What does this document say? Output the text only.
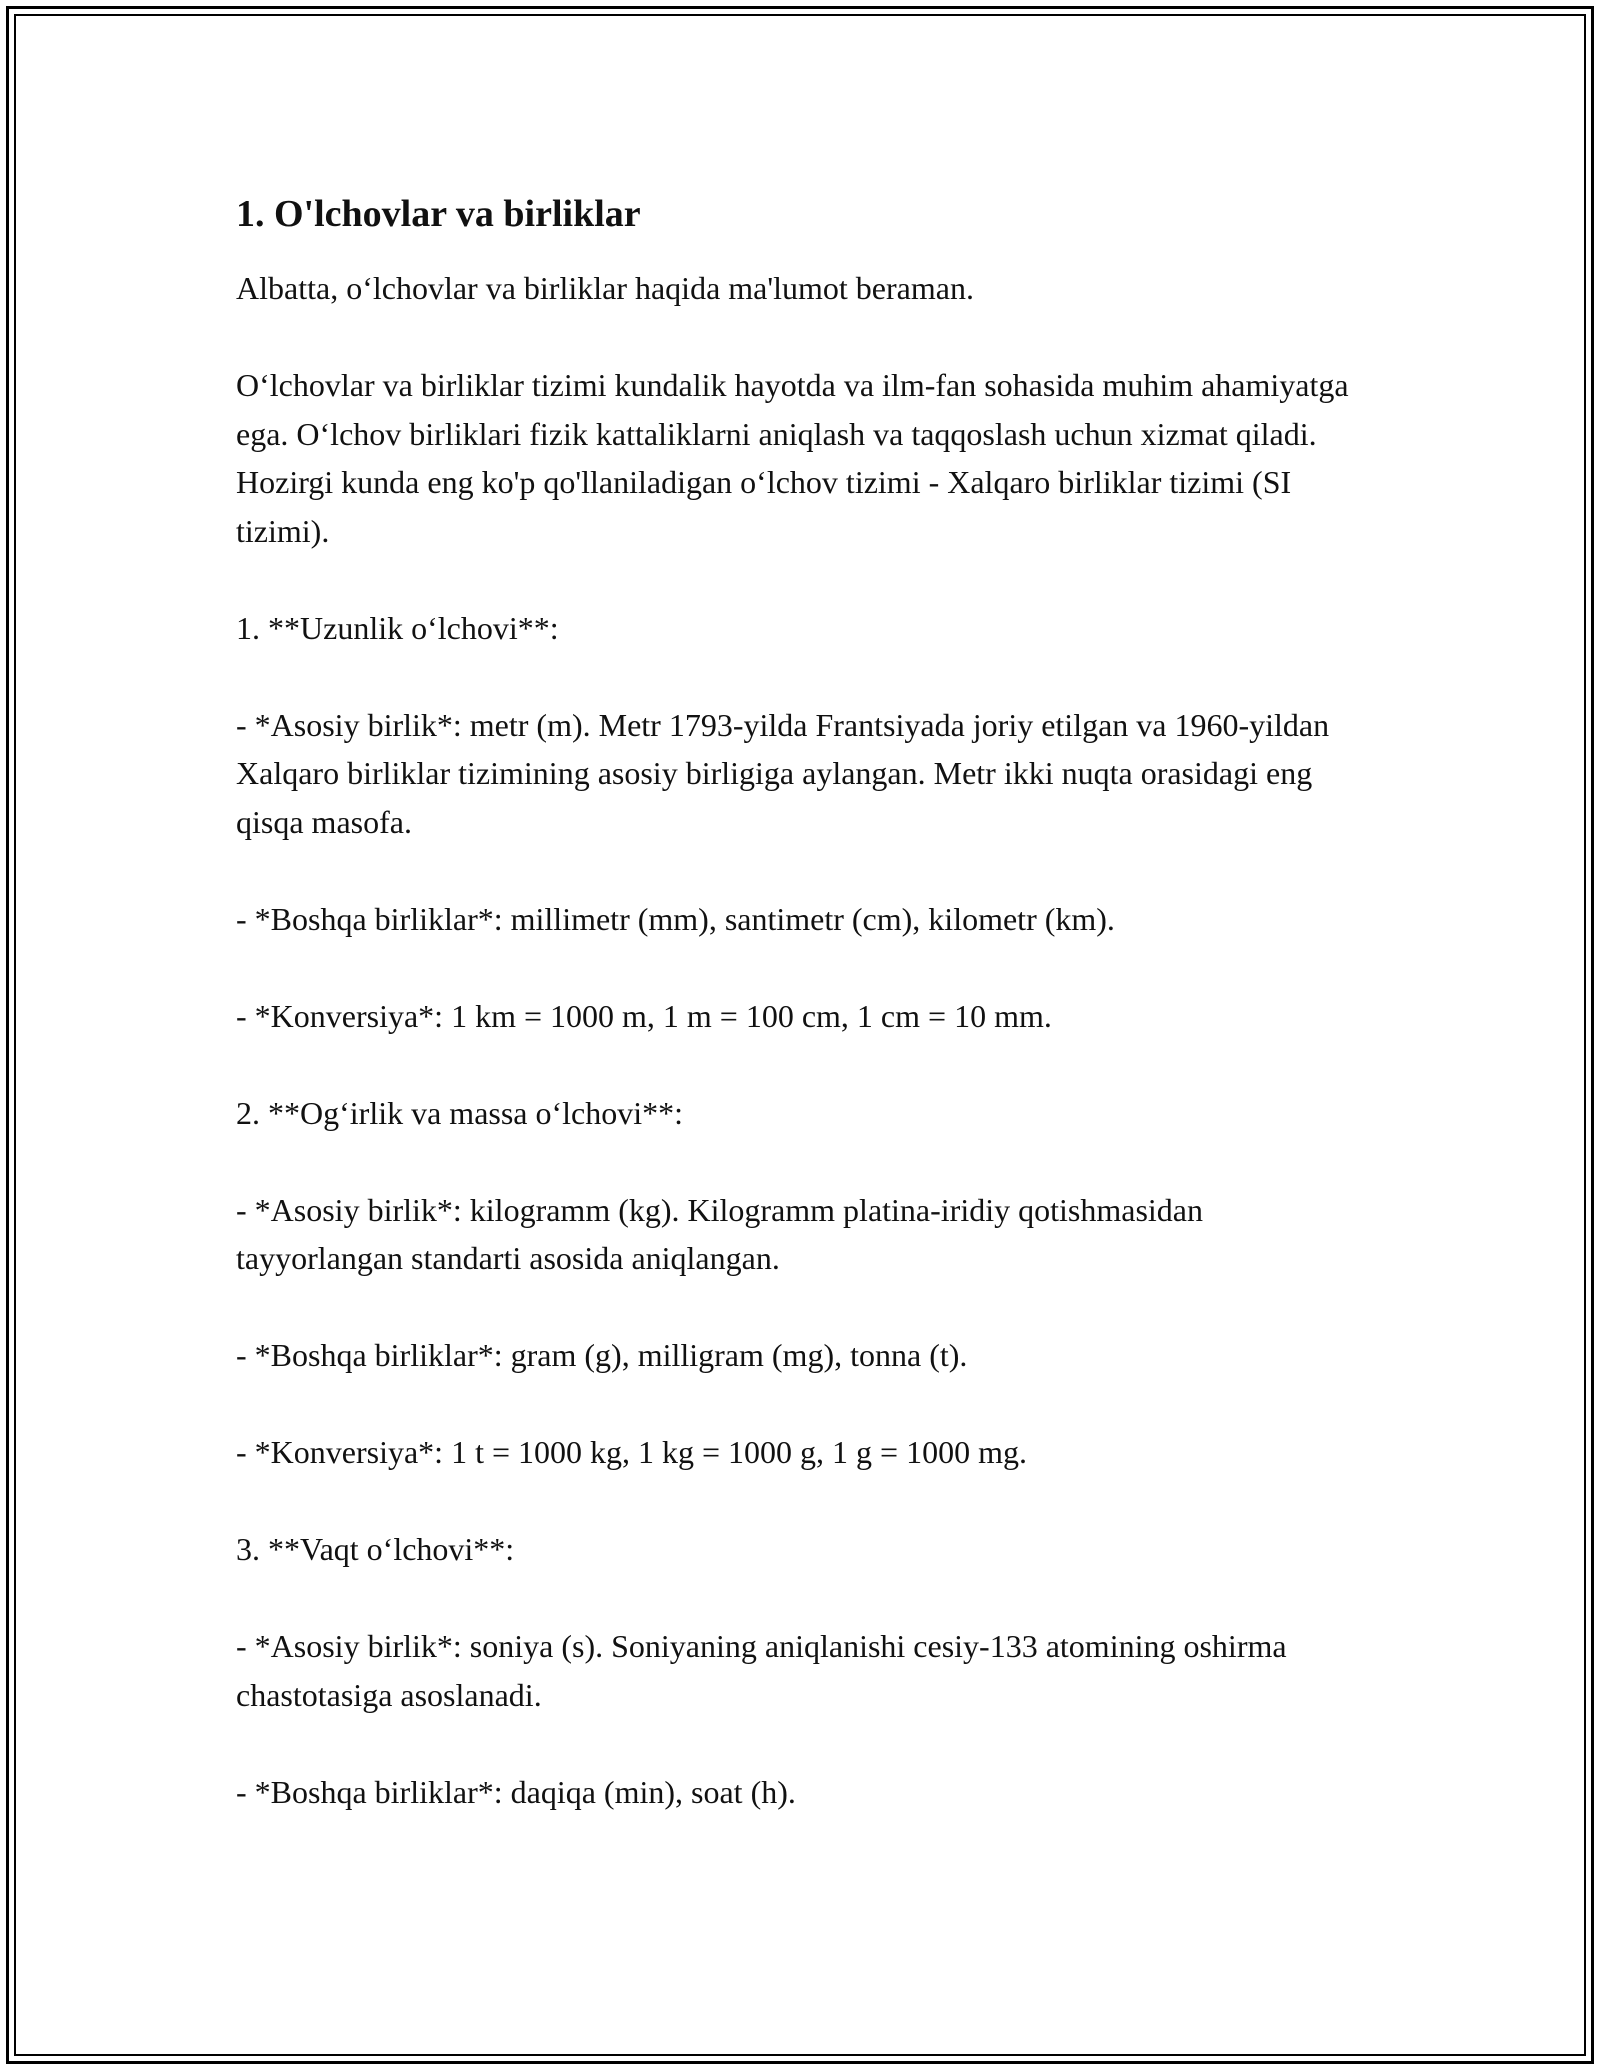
1. O'lchovlar va birliklar

Albatta, o‘lchovlar va birliklar haqida ma'lumot beraman.

O‘lchovlar va birliklar tizimi kundalik hayotda va ilm-fan sohasida muhim ahamiyatga ega. O‘lchov birliklari fizik kattaliklarni aniqlash va taqqoslash uchun xizmat qiladi. Hozirgi kunda eng ko'p qo'llaniladigan o‘lchov tizimi - Xalqaro birliklar tizimi (SI tizimi).

1. **Uzunlik o‘lchovi**:

- *Asosiy birlik*: metr (m). Metr 1793-yilda Frantsiyada joriy etilgan va 1960-yildan Xalqaro birliklar tizimining asosiy birligiga aylangan. Metr ikki nuqta orasidagi eng qisqa masofa.

- *Boshqa birliklar*: millimetr (mm), santimetr (cm), kilometr (km).

- *Konversiya*: 1 km = 1000 m, 1 m = 100 cm, 1 cm = 10 mm.

2. **Og‘irlik va massa o‘lchovi**:

- *Asosiy birlik*: kilogramm (kg). Kilogramm platina-iridiy qotishmasidan tayyorlangan standarti asosida aniqlangan.

- *Boshqa birliklar*: gram (g), milligram (mg), tonna (t).

- *Konversiya*: 1 t = 1000 kg, 1 kg = 1000 g, 1 g = 1000 mg.

3. **Vaqt o‘lchovi**:

- *Asosiy birlik*: soniya (s). Soniyaning aniqlanishi cesiy-133 atomining oshirma chastotasiga asoslanadi.

- *Boshqa birliklar*: daqiqa (min), soat (h).
